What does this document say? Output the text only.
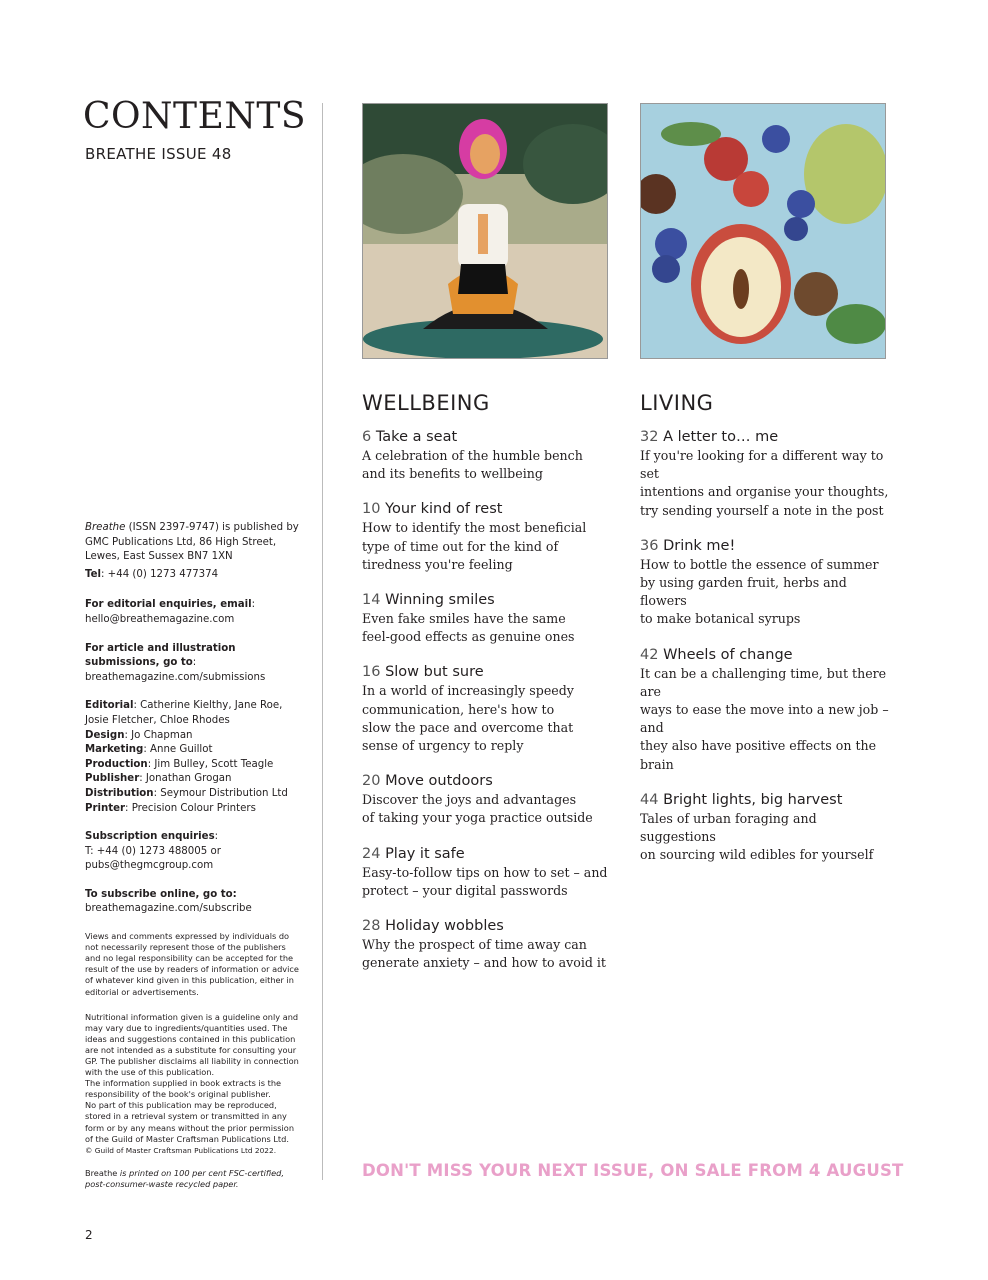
CONTENTS
BREATHE ISSUE 48

Breathe (ISSN 2397-9747) is published by GMC Publications Ltd, 86 High Street, Lewes, East Sussex BN7 1XN

Tel: +44 (0) 1273 477374

For editorial enquiries, email:
hello@breathemagazine.com

For article and illustration submissions, go to:
breathemagazine.com/submissions

Editorial: Catherine Kielthy, Jane Roe, Josie Fletcher, Chloe Rhodes
Design: Jo Chapman
Marketing: Anne Guillot
Production: Jim Bulley, Scott Teagle
Publisher: Jonathan Grogan
Distribution: Seymour Distribution Ltd
Printer: Precision Colour Printers

Subscription enquiries:
T: +44 (0) 1273 488005 or pubs@thegmcgroup.com

To subscribe online, go to:
breathemagazine.com/subscribe

Views and comments expressed by individuals do not necessarily represent those of the publishers and no legal responsibility can be accepted for the result of the use by readers of information or advice of whatever kind given in this publication, either in editorial or advertisements.

Nutritional information given is a guideline only and may vary due to ingredients/quantities used. The ideas and suggestions contained in this publication are not intended as a substitute for consulting your GP. The publisher disclaims all liability in connection with the use of this publication.
The information supplied in book extracts is the responsibility of the book's original publisher.
No part of this publication may be reproduced, stored in a retrieval system or transmitted in any form or by any means without the prior permission of the Guild of Master Craftsman Publications Ltd.
© Guild of Master Craftsman Publications Ltd 2022.

Breathe is printed on 100 per cent FSC-certified, post-consumer-waste recycled paper.

WELLBEING
6 Take a seat
A celebration of the humble bench
and its benefits to wellbeing
10 Your kind of rest
How to identify the most beneficial
type of time out for the kind of
tiredness you're feeling
14 Winning smiles
Even fake smiles have the same
feel-good effects as genuine ones
16 Slow but sure
In a world of increasingly speedy
communication, here's how to
slow the pace and overcome that
sense of urgency to reply
20 Move outdoors
Discover the joys and advantages
of taking your yoga practice outside
24 Play it safe
Easy-to-follow tips on how to set – and
protect – your digital passwords
28 Holiday wobbles
Why the prospect of time away can
generate anxiety – and how to avoid it
LIVING
32 A letter to… me
If you're looking for a different way to set
intentions and organise your thoughts,
try sending yourself a note in the post
36 Drink me!
How to bottle the essence of summer
by using garden fruit, herbs and flowers
to make botanical syrups
42 Wheels of change
It can be a challenging time, but there are
ways to ease the move into a new job – and
they also have positive effects on the brain
44 Bright lights, big harvest
Tales of urban foraging and suggestions
on sourcing wild edibles for yourself
DON'T MISS YOUR NEXT ISSUE, ON SALE FROM 4 AUGUST
2
